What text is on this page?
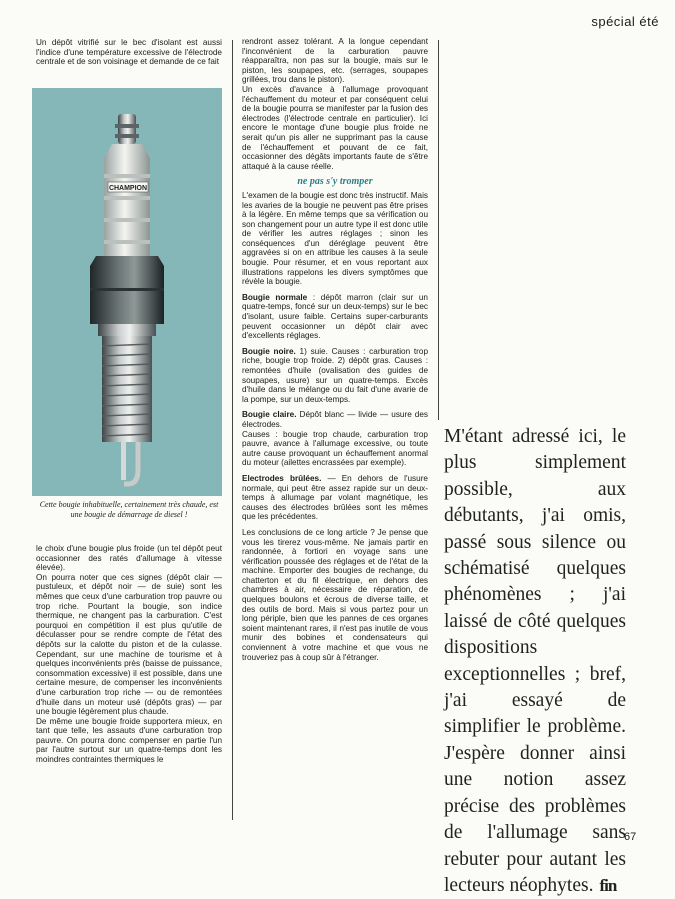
spécial été

Un dépôt vitrifié sur le bec d'isolant est aussi l'indice d'une température excessive de l'électrode centrale et de son voisinage et demande de ce fait

CHAMPION
Cette bougie inhabituelle, certainement très chaude, est une bougie de démarrage de diesel !

le choix d'une bougie plus froide (un tel dépôt peut occasionner des ratés d'allumage à vitesse élevée).

On pourra noter que ces signes (dépôt clair — pustuleux, et dépôt noir — de suie) sont les mêmes que ceux d'une carburation trop pauvre ou trop riche. Pourtant la bougie, son indice thermique, ne changent pas la carburation. C'est pourquoi en compétition il est plus qu'utile de déculasser pour se rendre compte de l'état des dépôts sur la calotte du piston et de la culasse. Cependant, sur une machine de tourisme et à quelques inconvénients près (baisse de puissance, consommation excessive) il est possible, dans une certaine mesure, de compenser les inconvénients d'une carburation trop riche — ou de remontées d'huile dans un moteur usé (dépôts gras) — par une bougie légèrement plus chaude.

De même une bougie froide supportera mieux, en tant que telle, les assauts d'une carburation trop pauvre. On pourra donc compenser en partie l'un par l'autre surtout sur un quatre-temps dont les moindres contraintes thermiques le

rendront assez tolérant. A la longue cependant l'inconvénient de la carburation pauvre réapparaîtra, non pas sur la bougie, mais sur le piston, les soupapes, etc. (serrages, soupapes grillées, trou dans le piston).

Un excès d'avance à l'allumage provoquant l'échauffement du moteur et par conséquent celui de la bougie pourra se manifester par la fusion des électrodes (l'électrode centrale en particulier). Ici encore le montage d'une bougie plus froide ne serait qu'un pis aller ne supprimant pas la cause de l'échauffement et pouvant de ce fait, occasionner des dégâts importants faute de s'être attaqué à la cause réelle.

ne pas s'y tromper

L'examen de la bougie est donc très instructif. Mais les avaries de la bougie ne peuvent pas être prises à la légère. En même temps que sa vérification ou son changement pour un autre type il est donc utile de vérifier les autres réglages ; sinon les conséquences d'un déréglage peuvent être aggravées si on en attribue les causes à la seule bougie. Pour résumer, et en vous reportant aux illustrations rappelons les divers symptômes que révèle la bougie.

Bougie normale : dépôt marron (clair sur un quatre-temps, foncé sur un deux-temps) sur le bec d'isolant, usure faible. Certains super-carburants peuvent occasionner un dépôt clair avec d'excellents réglages.

Bougie noire. 1) suie. Causes : carburation trop riche, bougie trop froide. 2) dépôt gras. Causes : remontées d'huile (ovalisation des guides de soupapes, usure) sur un quatre-temps. Excès d'huile dans le mélange ou du fait d'une avarie de la pompe, sur un deux-temps.

Bougie claire. Dépôt blanc — livide — usure des électrodes.

Causes : bougie trop chaude, carburation trop pauvre, avance à l'allumage excessive, ou toute autre cause provoquant un échauffement anormal du moteur (ailettes encrassées par exemple).

Electrodes brûlées. — En dehors de l'usure normale, qui peut être assez rapide sur un deux-temps à allumage par volant magnétique, les causes des électrodes brûlées sont les mêmes que les précédentes.

Les conclusions de ce long article ? Je pense que vous les tirerez vous-même. Ne jamais partir en randonnée, à fortiori en voyage sans une vérification poussée des réglages et de l'état de la machine. Emporter des bougies de rechange, du chatterton et du fil électrique, en dehors des chambres à air, nécessaire de réparation, de quelques boulons et écrous de diverse taille, et des outils de bord. Mais si vous partez pour un long périple, bien que les pannes de ces organes soient maintenant rares, il n'est pas inutile de vous munir des bobines et condensateurs qui conviennent à votre machine et que vous ne trouveriez pas à coup sûr à l'étranger.

M'étant adressé ici, le plus simplement possible, aux débutants, j'ai omis, passé sous silence ou schématisé quelques phénomènes ; j'ai laissé de côté quelques dispositions exceptionnelles ; bref, j'ai essayé de simplifier le problème. J'espère donner ainsi une notion assez précise des problèmes de l'allumage sans rebuter pour autant les lecteurs néophytes. fin
67
